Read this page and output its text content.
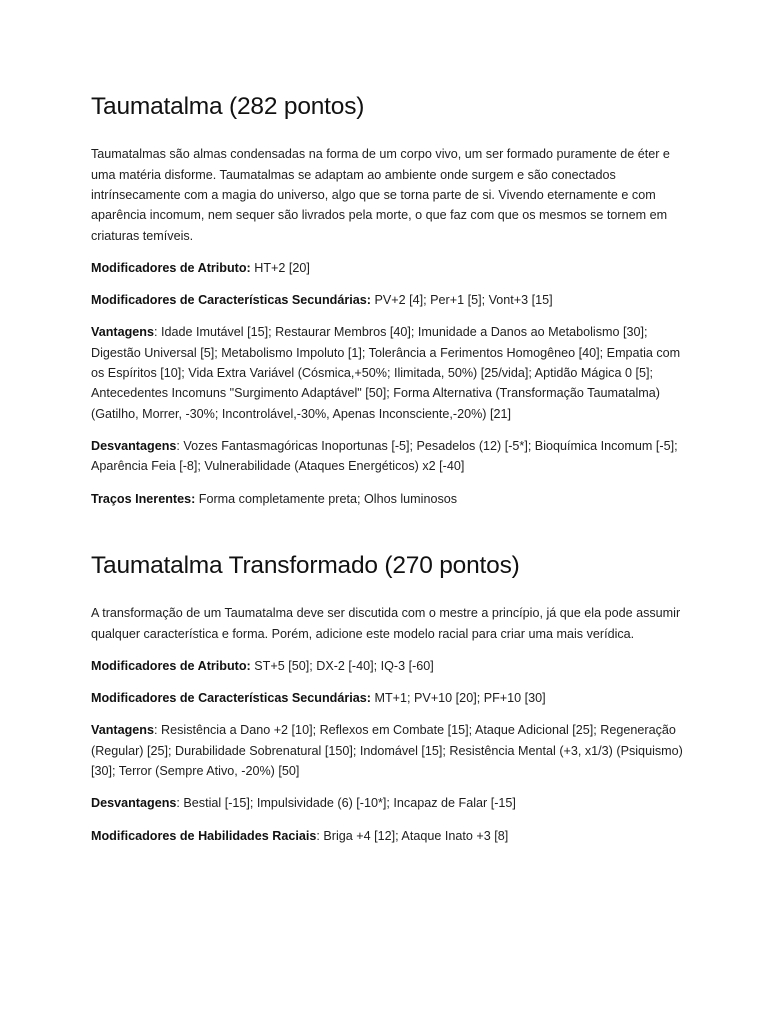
Taumatalma (282 pontos)

Taumatalmas são almas condensadas na forma de um corpo vivo, um ser formado puramente de éter e uma matéria disforme. Taumatalmas se adaptam ao ambiente onde surgem e são conectados intrínsecamente com a magia do universo, algo que se torna parte de si. Vivendo eternamente e com aparência incomum, nem sequer são livrados pela morte, o que faz com que os mesmos se tornem em criaturas temíveis.

Modificadores de Atributo: HT+2 [20]

Modificadores de Características Secundárias: PV+2 [4]; Per+1 [5]; Vont+3 [15]

Vantagens: Idade Imutável [15]; Restaurar Membros [40]; Imunidade a Danos ao Metabolismo [30]; Digestão Universal [5]; Metabolismo Impoluto [1]; Tolerância a Ferimentos Homogêneo [40]; Empatia com os Espíritos [10]; Vida Extra Variável (Cósmica,+50%; Ilimitada, 50%) [25/vida]; Aptidão Mágica 0 [5]; Antecedentes Incomuns "Surgimento Adaptável" [50]; Forma Alternativa (Transformação Taumatalma) (Gatilho, Morrer, -30%; Incontrolável,-30%, Apenas Inconsciente,-20%) [21]

Desvantagens: Vozes Fantasmagóricas Inoportunas [-5]; Pesadelos (12) [-5*]; Bioquímica Incomum [-5]; Aparência Feia [-8]; Vulnerabilidade (Ataques Energéticos) x2 [-40]

Traços Inerentes: Forma completamente preta; Olhos luminosos

Taumatalma Transformado (270 pontos)

A transformação de um Taumatalma deve ser discutida com o mestre a princípio, já que ela pode assumir qualquer característica e forma. Porém, adicione este modelo racial para criar uma mais verídica.

Modificadores de Atributo: ST+5 [50]; DX-2 [-40]; IQ-3 [-60]

Modificadores de Características Secundárias: MT+1; PV+10 [20]; PF+10 [30]

Vantagens: Resistência a Dano +2 [10]; Reflexos em Combate [15]; Ataque Adicional [25]; Regeneração (Regular) [25]; Durabilidade Sobrenatural [150]; Indomável [15]; Resistência Mental (+3, x1/3) (Psiquismo) [30]; Terror (Sempre Ativo, -20%) [50]

Desvantagens: Bestial [-15]; Impulsividade (6) [-10*]; Incapaz de Falar [-15]

Modificadores de Habilidades Raciais: Briga +4 [12]; Ataque Inato +3 [8]
